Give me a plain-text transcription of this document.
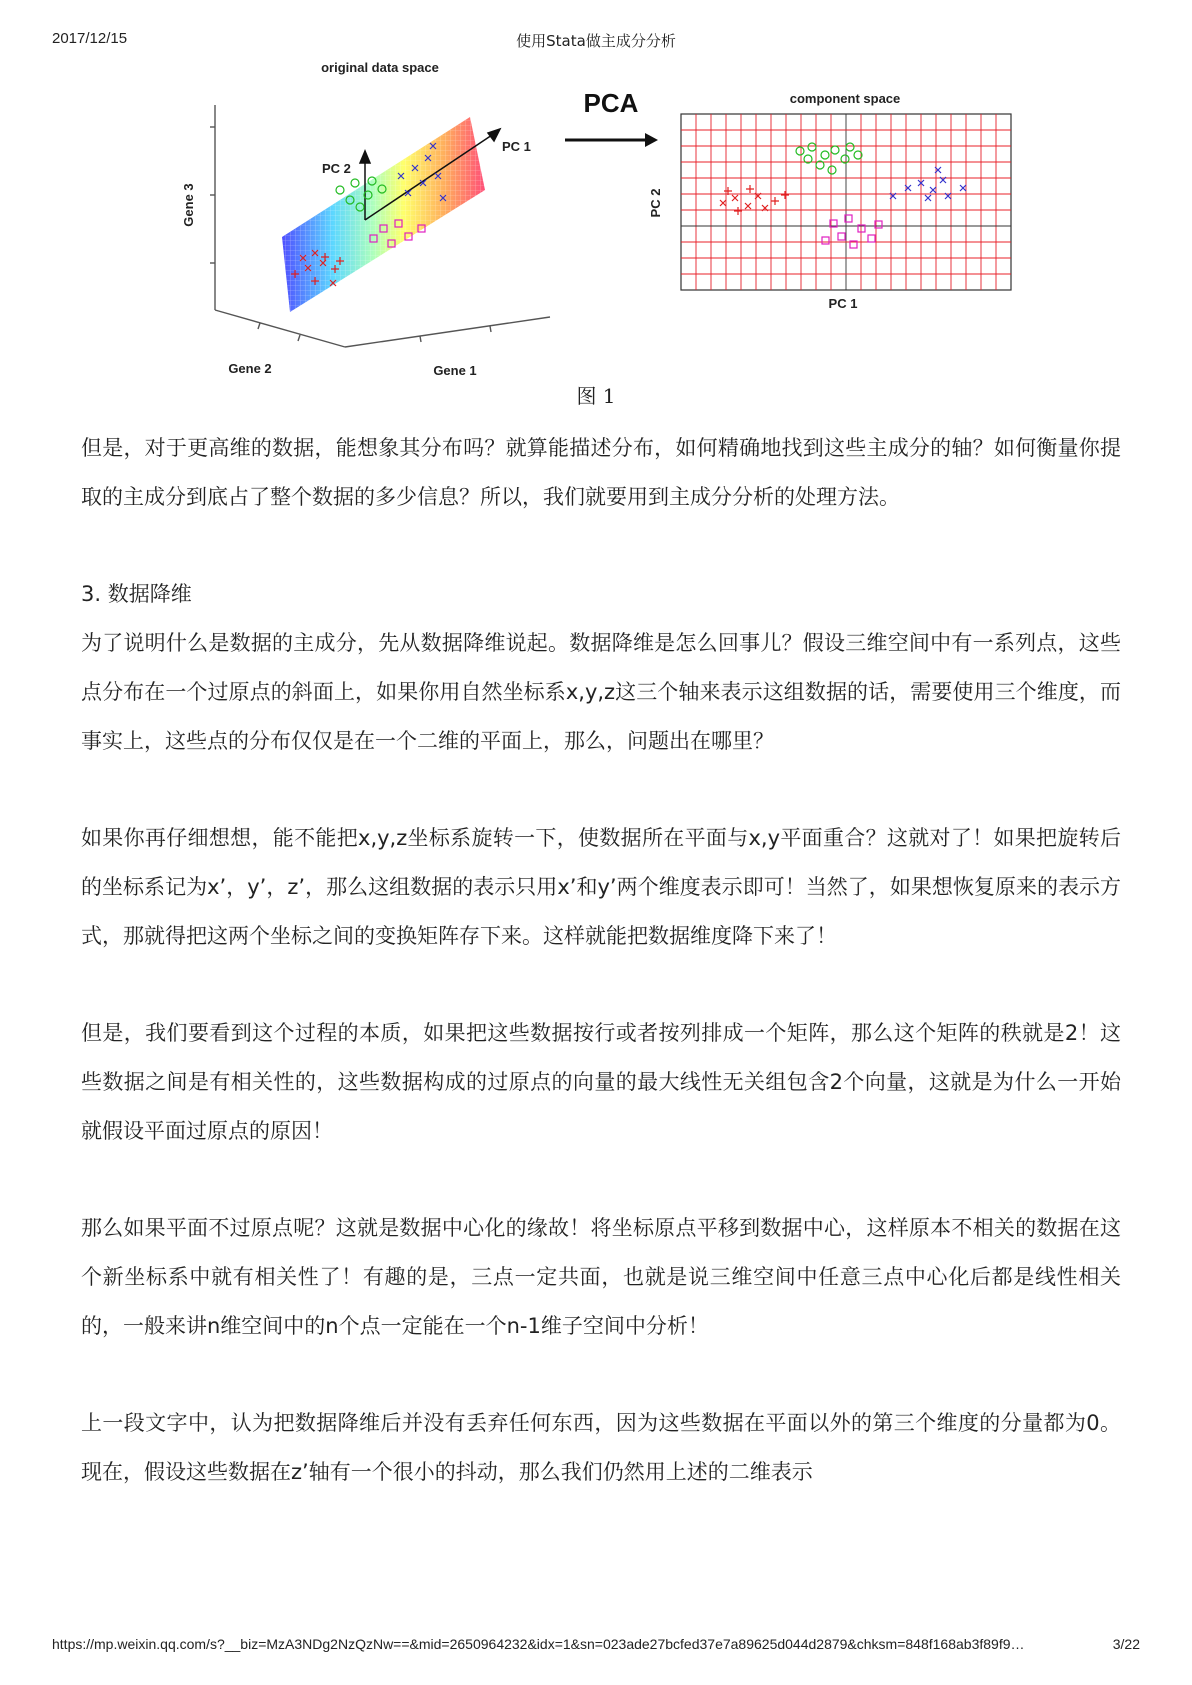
2017/12/15	使用Stata做主成分分析
original data space
Gene 3
Gene 2	Gene 1
PC 1
PC 2
PCA	component space
PC 2
PC 1
图 1

但是，对于更高维的数据，能想象其分布吗？就算能描述分布，如何精确地找到这些主成分的轴？如何衡量你提取的主成分到底占了整个数据的多少信息？所以，我们就要用到主成分分析的处理方法。

3. 数据降维

为了说明什么是数据的主成分，先从数据降维说起。数据降维是怎么回事儿？假设三维空间中有一系列点，这些点分布在一个过原点的斜面上，如果你用自然坐标系x,y,z这三个轴来表示这组数据的话，需要使用三个维度，而事实上，这些点的分布仅仅是在一个二维的平面上，那么，问题出在哪里？

如果你再仔细想想，能不能把x,y,z坐标系旋转一下，使数据所在平面与x,y平面重合？这就对了！如果把旋转后的坐标系记为x’，y’，z’，那么这组数据的表示只用x’和y’两个维度表示即可！当然了，如果想恢复原来的表示方式，那就得把这两个坐标之间的变换矩阵存下来。这样就能把数据维度降下来了！

但是，我们要看到这个过程的本质，如果把这些数据按行或者按列排成一个矩阵，那么这个矩阵的秩就是2！这些数据之间是有相关性的，这些数据构成的过原点的向量的最大线性无关组包含2个向量，这就是为什么一开始就假设平面过原点的原因！

那么如果平面不过原点呢？这就是数据中心化的缘故！将坐标原点平移到数据中心，这样原本不相关的数据在这个新坐标系中就有相关性了！有趣的是，三点一定共面，也就是说三维空间中任意三点中心化后都是线性相关的，一般来讲n维空间中的n个点一定能在一个n-1维子空间中分析！

上一段文字中，认为把数据降维后并没有丢弃任何东西，因为这些数据在平面以外的第三个维度的分量都为0。现在，假设这些数据在z’轴有一个很小的抖动，那么我们仍然用上述的二维表示

https://mp.weixin.qq.com/s?__biz=MzA3NDg2NzQzNw==&mid=2650964232&idx=1&sn=023ade27bcfed37e7a89625d044d2879&chksm=848f168ab3f89f9…	3/22
